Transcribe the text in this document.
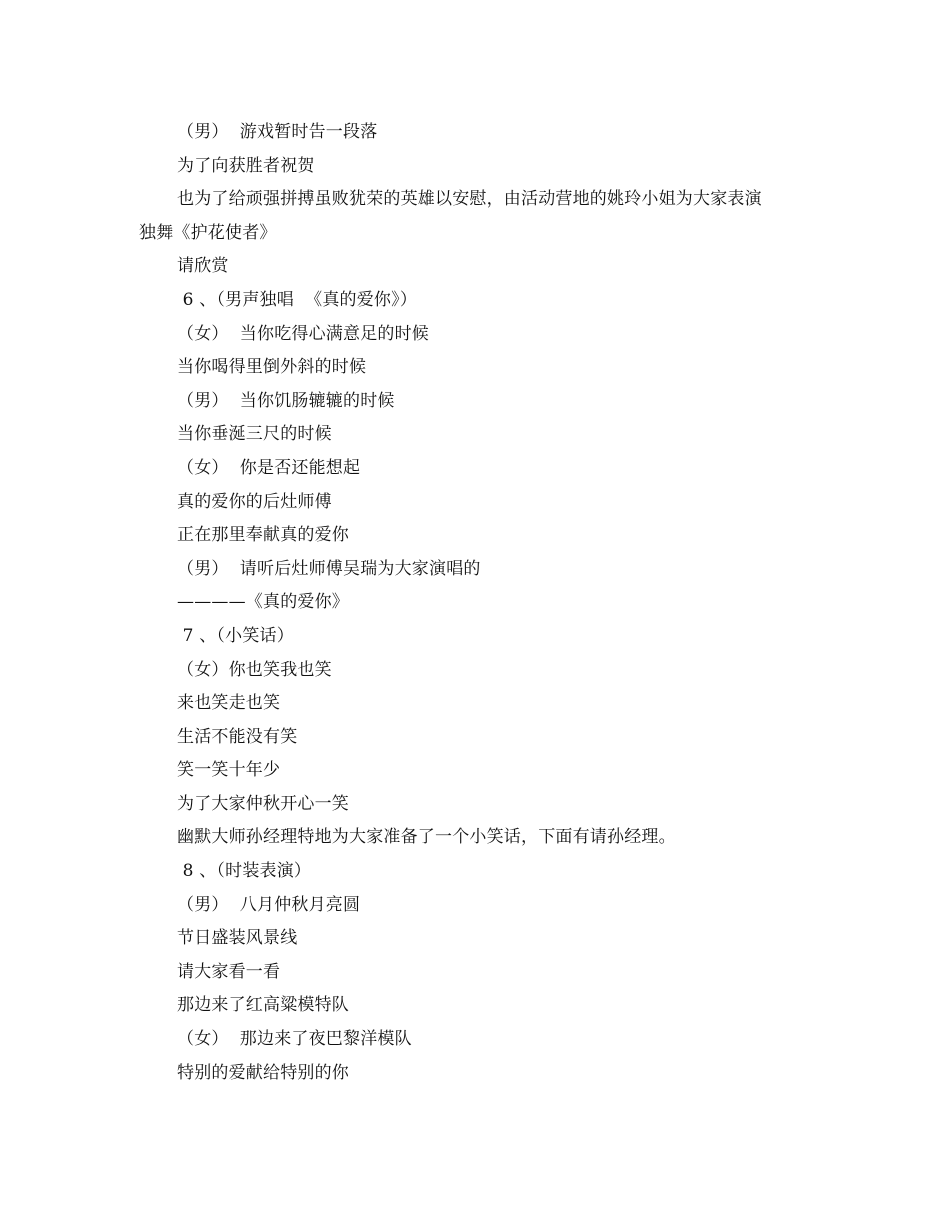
（男）  游戏暂时告一段落
为了向获胜者祝贺
也为了给顽强拼搏虽败犹荣的英雄以安慰，由活动营地的姚玲小姐为大家表演
独舞《护花使者》
请欣赏
6 、（男声独唱  《真的爱你》）
（女）  当你吃得心满意足的时候
当你喝得里倒外斜的时候
（男）  当你饥肠辘辘的时候
当你垂涎三尺的时候
（女）  你是否还能想起
真的爱你的后灶师傅
正在那里奉献真的爱你
（男）  请听后灶师傅吴瑞为大家演唱的
————《真的爱你》
7 、（小笑话）
（女）你也笑我也笑
来也笑走也笑
生活不能没有笑
笑一笑十年少
为了大家仲秋开心一笑
幽默大师孙经理特地为大家准备了一个小笑话，下面有请孙经理。
8 、（时装表演）
（男）  八月仲秋月亮圆
节日盛装风景线
请大家看一看
那边来了红高粱模特队
（女）  那边来了夜巴黎洋模队
特别的爱献给特别的你
